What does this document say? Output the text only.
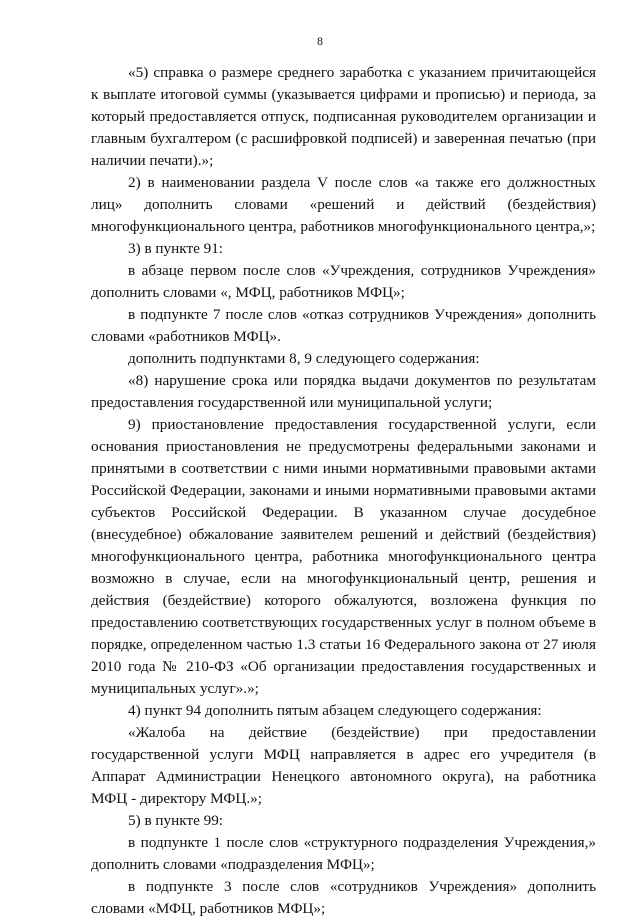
8

«5) справка о размере среднего заработка с указанием причитающейся к выплате итоговой суммы (указывается цифрами и прописью) и периода, за который предоставляется отпуск, подписанная руководителем организации и главным бухгалтером (с расшифровкой подписей) и заверенная печатью (при наличии печати).»;

2) в наименовании раздела V после слов «а также его должностных лиц» дополнить словами «решений и действий (бездействия) многофункционального центра, работников многофункционального центра,»;

3) в пункте 91:

в абзаце первом после слов «Учреждения, сотрудников Учреждения» дополнить словами «, МФЦ, работников МФЦ»;

в подпункте 7 после слов «отказ сотрудников Учреждения» дополнить словами «работников МФЦ».

дополнить подпунктами 8, 9 следующего содержания:

«8) нарушение срока или порядка выдачи документов по результатам предоставления государственной или муниципальной услуги;

9) приостановление предоставления государственной услуги, если основания приостановления не предусмотрены федеральными законами и принятыми в соответствии с ними иными нормативными правовыми актами Российской Федерации, законами и иными нормативными правовыми актами субъектов Российской Федерации. В указанном случае досудебное (внесудебное) обжалование заявителем решений и действий (бездействия) многофункционального центра, работника многофункционального центра возможно в случае, если на многофункциональный центр, решения и действия (бездействие) которого обжалуются, возложена функция по предоставлению соответствующих государственных услуг в полном объеме в порядке, определенном частью 1.3 статьи 16 Федерального закона от 27 июля 2010 года № 210-ФЗ «Об организации предоставления государственных и муниципальных услуг».»;

4) пункт 94 дополнить пятым абзацем следующего содержания:

«Жалоба на действие (бездействие) при предоставлении государственной услуги МФЦ направляется в адрес его учредителя (в Аппарат Администрации Ненецкого автономного округа), на работника МФЦ - директору МФЦ.»;

5) в пункте 99:

в подпункте 1 после слов «структурного подразделения Учреждения,» дополнить словами «подразделения МФЦ»;

в подпункте 3 после слов «сотрудников Учреждения» дополнить словами «МФЦ, работников МФЦ»;
